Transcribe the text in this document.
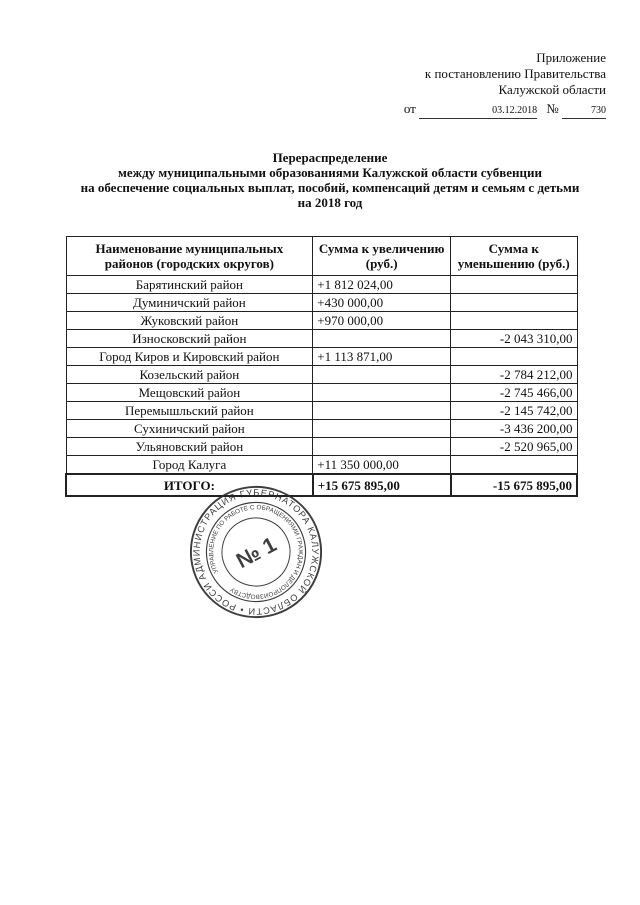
Приложение
к постановлению Правительства
Калужской области
от	03.12.2018 №	730
Перераспределение
между муниципальными образованиями Калужской области субвенции
на обеспечение социальных выплат, пособий, компенсаций детям и семьям с детьми
на 2018 год
Наименование муниципальных районов (городских округов)	Сумма к увеличению (руб.)	Сумма к уменьшению (руб.)
Барятинский район	+1 812 024,00	
Думиничский район	+430 000,00	
Жуковский район	+970 000,00	
Износковский район		-2 043 310,00
Город Киров и Кировский район	+1 113 871,00	
Козельский район		-2 784 212,00
Мещовский район		-2 745 466,00
Перемышльский район		-2 145 742,00
Сухиничский район		-3 436 200,00
Ульяновский район		-2 520 965,00
Город Калуга	+11 350 000,00	
ИТОГО:	+15 675 895,00	-15 675 895,00
АДМИНИСТРАЦИЯ ГУБЕРНАТОРА КАЛУЖСКОЙ ОБЛАСТИ • РОССИЙСКАЯ
УПРАВЛЕНИЕ ПО РАБОТЕ С ОБРАЩЕНИЯМИ ГРАЖДАН И ДЕЛОПРОИЗВОДСТВУ
№ 1
